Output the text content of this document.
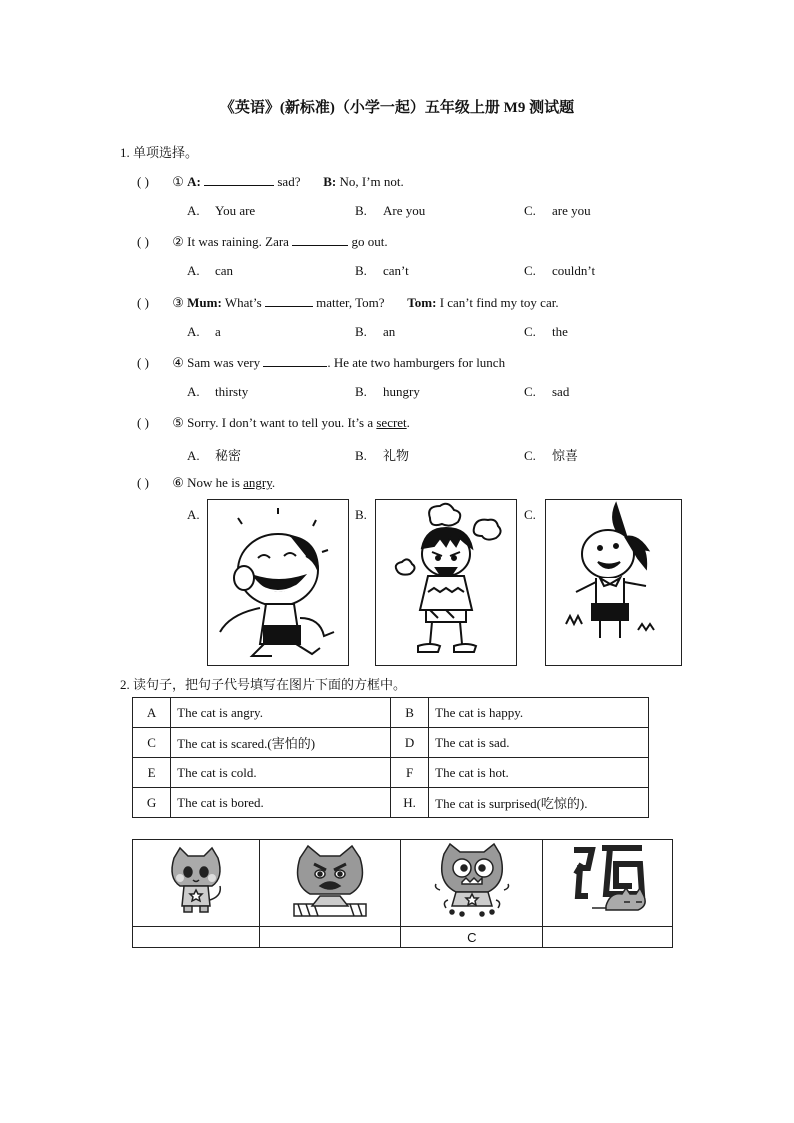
《英语》(新标准)（小学一起）五年级上册 M9 测试题
1. 单项选择。
( ) ① A:	sad? B: No, I’m not.
A. You are	B. Are you	C. are you
( ) ② It was raining. Zara	go out.
A. can	B. can’t	C. couldn’t
( ) ③ Mum: What’s	matter, Tom? Tom: I can’t find my toy car.
A. a	B. an	C. the
( ) ④ Sam was very	. He ate two hamburgers for lunch
A. thirsty	B. hungry	C. sad
( ) ⑤ Sorry. I don’t want to tell you. It’s a secret.
A. 秘密	B. 礼物	C. 惊喜
( ) ⑥ Now he is angry.
A.	B.	C.
2. 读句子，把句子代号填写在图片下面的方框中。
A	The cat is angry.	B	The cat is happy.
C	The cat is scared.(害怕的)	D	The cat is sad.
E	The cat is cold.	F	The cat is hot.
G	The cat is bored.	H.	The cat is surprised(吃惊的).

		C	
